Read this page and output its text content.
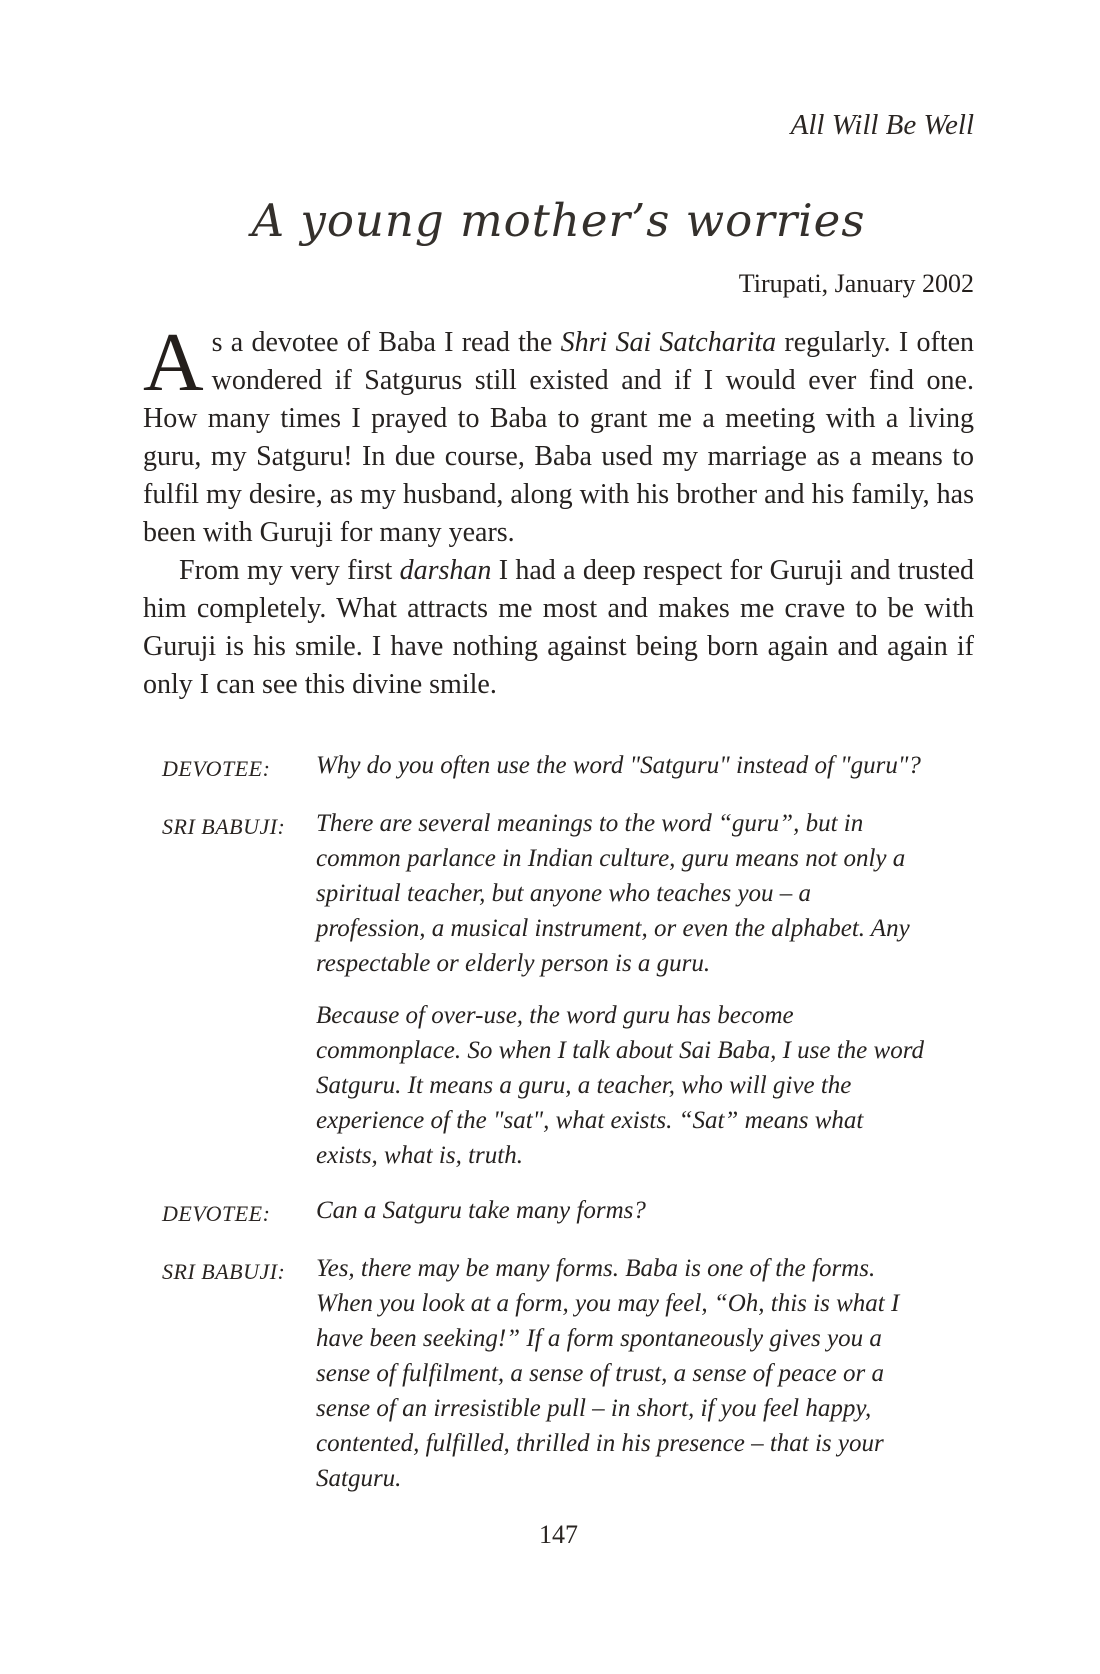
All Will Be Well
A young mother’s worries
Tirupati, January 2002

As a devotee of Baba I read the Shri Sai Satcharita regularly. I often wondered if Satgurus still existed and if I would ever find one. How many times I prayed to Baba to grant me a meeting with a living guru, my Satguru! In due course, Baba used my marriage as a means to fulfil my desire, as my husband, along with his brother and his family, has been with Guruji for many years.

From my very first darshan I had a deep respect for Guruji and trusted him completely. What attracts me most and makes me crave to be with Guruji is his smile. I have nothing against being born again and again if only I can see this divine smile.

DEVOTEE:	Why do you often use the word "Satguru" instead of "guru"?

SRI BABUJI:	There are several meanings to the word “guru”, but in common parlance in Indian culture, guru means not only a spiritual teacher, but anyone who teaches you – a profession, a musical instrument, or even the alphabet. Any respectable or elderly person is a guru.

Because of over-use, the word guru has become commonplace. So when I talk about Sai Baba, I use the word Satguru. It means a guru, a teacher, who will give the experience of the "sat", what exists. “Sat” means what exists, what is, truth.

DEVOTEE:	Can a Satguru take many forms?

SRI BABUJI:	Yes, there may be many forms. Baba is one of the forms. When you look at a form, you may feel, “Oh, this is what I have been seeking!” If a form spontaneously gives you a sense of fulfilment, a sense of trust, a sense of peace or a sense of an irresistible pull – in short, if you feel happy, contented, fulfilled, thrilled in his presence – that is your Satguru.

147
